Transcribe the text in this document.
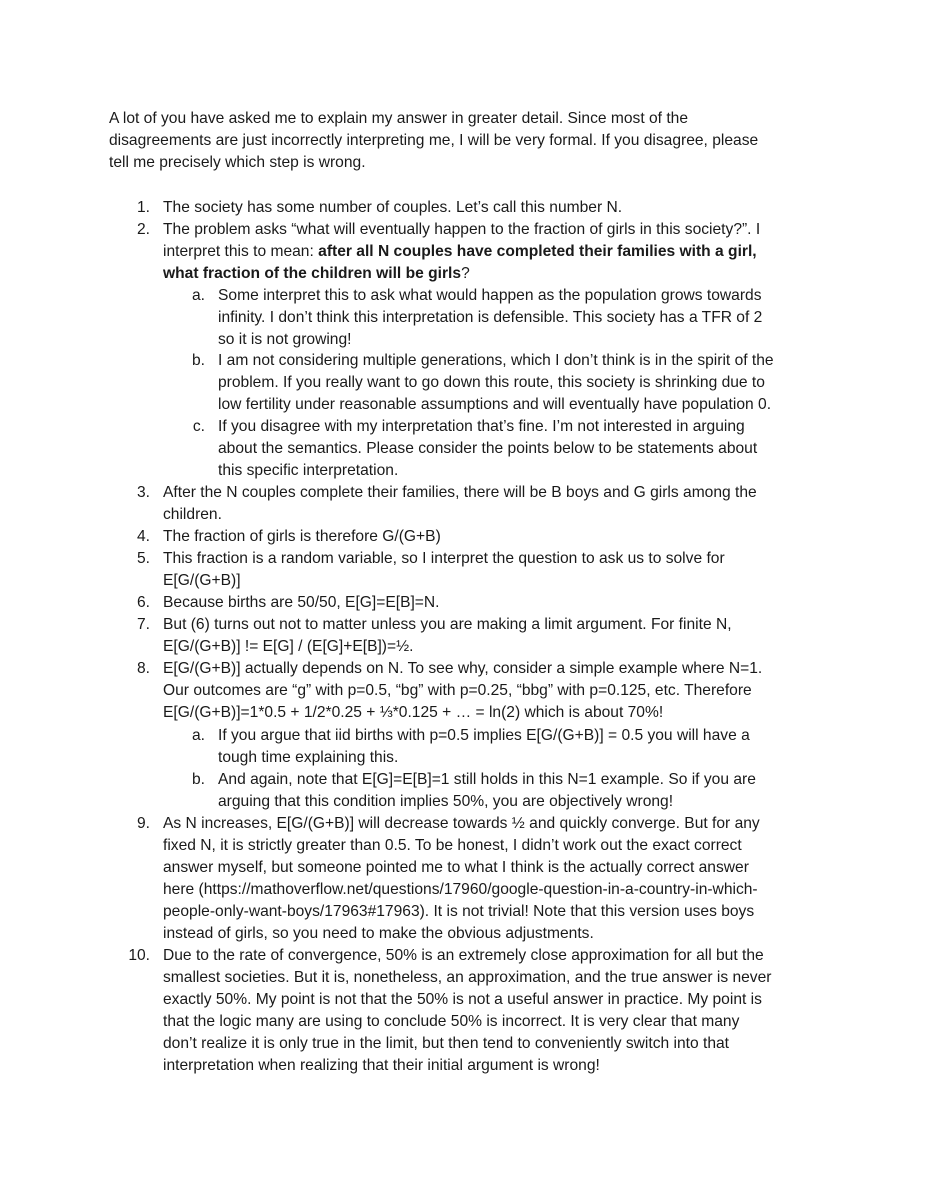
A lot of you have asked me to explain my answer in greater detail. Since most of the
disagreements are just incorrectly interpreting me, I will be very formal. If you disagree, please
tell me precisely which step is wrong.

1. The society has some number of couples. Let’s call this number N.
2. The problem asks “what will eventually happen to the fraction of girls in this society?”. I
interpret this to mean: after all N couples have completed their families with a girl,
what fraction of the children will be girls?
a. Some interpret this to ask what would happen as the population grows towards
infinity. I don’t think this interpretation is defensible. This society has a TFR of 2
so it is not growing!
b. I am not considering multiple generations, which I don’t think is in the spirit of the
problem. If you really want to go down this route, this society is shrinking due to
low fertility under reasonable assumptions and will eventually have population 0.
c. If you disagree with my interpretation that’s fine. I’m not interested in arguing
about the semantics. Please consider the points below to be statements about
this specific interpretation.
3. After the N couples complete their families, there will be B boys and G girls among the
children.
4. The fraction of girls is therefore G/(G+B)
5. This fraction is a random variable, so I interpret the question to ask us to solve for
E[G/(G+B)]
6. Because births are 50/50, E[G]=E[B]=N.
7. But (6) turns out not to matter unless you are making a limit argument. For finite N,
E[G/(G+B)] != E[G] / (E[G]+E[B])=½.
8. E[G/(G+B)] actually depends on N. To see why, consider a simple example where N=1.
Our outcomes are “g” with p=0.5, “bg” with p=0.25, “bbg” with p=0.125, etc. Therefore
E[G/(G+B)]=1*0.5 + 1/2*0.25 + ⅓*0.125 + … = ln(2) which is about 70%!
a. If you argue that iid births with p=0.5 implies E[G/(G+B)] = 0.5 you will have a
tough time explaining this.
b. And again, note that E[G]=E[B]=1 still holds in this N=1 example. So if you are
arguing that this condition implies 50%, you are objectively wrong!
9. As N increases, E[G/(G+B)] will decrease towards ½ and quickly converge. But for any
fixed N, it is strictly greater than 0.5. To be honest, I didn’t work out the exact correct
answer myself, but someone pointed me to what I think is the actually correct answer
here (https://mathoverflow.net/questions/17960/google-question-in-a-country-in-which-
people-only-want-boys/17963#17963). It is not trivial! Note that this version uses boys
instead of girls, so you need to make the obvious adjustments.
10. Due to the rate of convergence, 50% is an extremely close approximation for all but the
smallest societies. But it is, nonetheless, an approximation, and the true answer is never
exactly 50%. My point is not that the 50% is not a useful answer in practice. My point is
that the logic many are using to conclude 50% is incorrect. It is very clear that many
don’t realize it is only true in the limit, but then tend to conveniently switch into that
interpretation when realizing that their initial argument is wrong!
